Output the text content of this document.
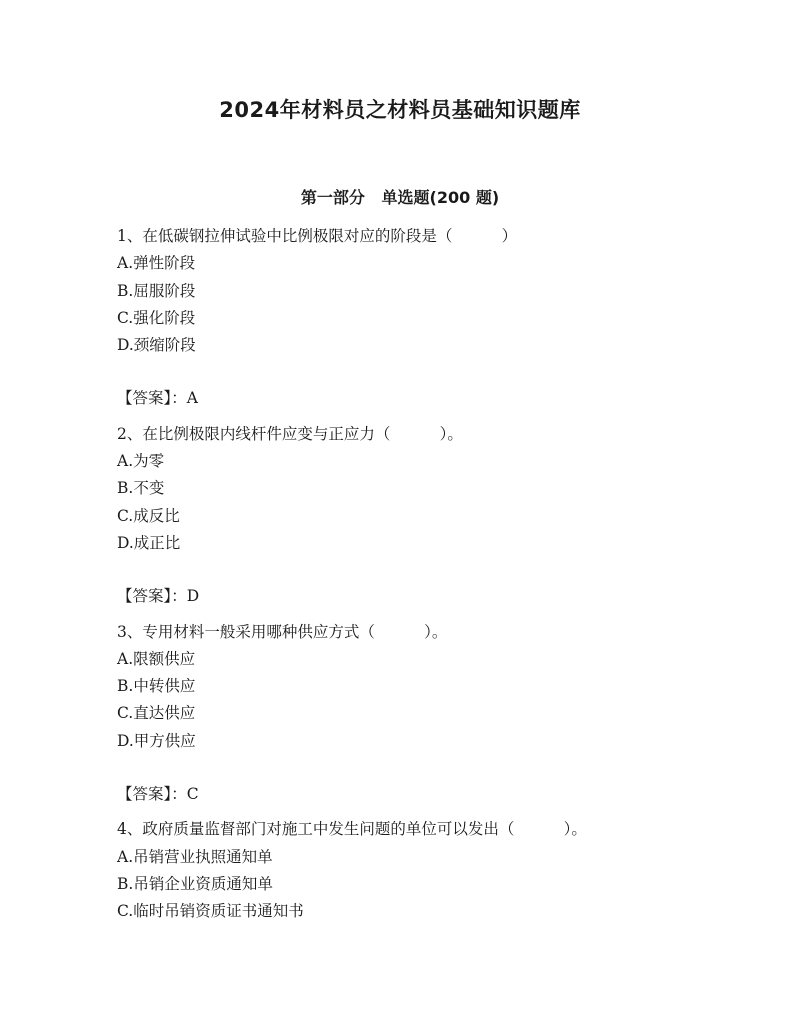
2024年材料员之材料员基础知识题库
第一部分   单选题(200 题)

1、在低碳钢拉伸试验中比例极限对应的阶段是（          ）

A.弹性阶段

B.屈服阶段

C.强化阶段

D.颈缩阶段

【答案】：A

2、在比例极限内线杆件应变与正应力（          ）。

A.为零

B.不变

C.成反比

D.成正比

【答案】：D

3、专用材料一般采用哪种供应方式（          ）。

A.限额供应

B.中转供应

C.直达供应

D.甲方供应

【答案】：C

4、政府质量监督部门对施工中发生问题的单位可以发出（          ）。

A.吊销营业执照通知单

B.吊销企业资质通知单

C.临时吊销资质证书通知书
